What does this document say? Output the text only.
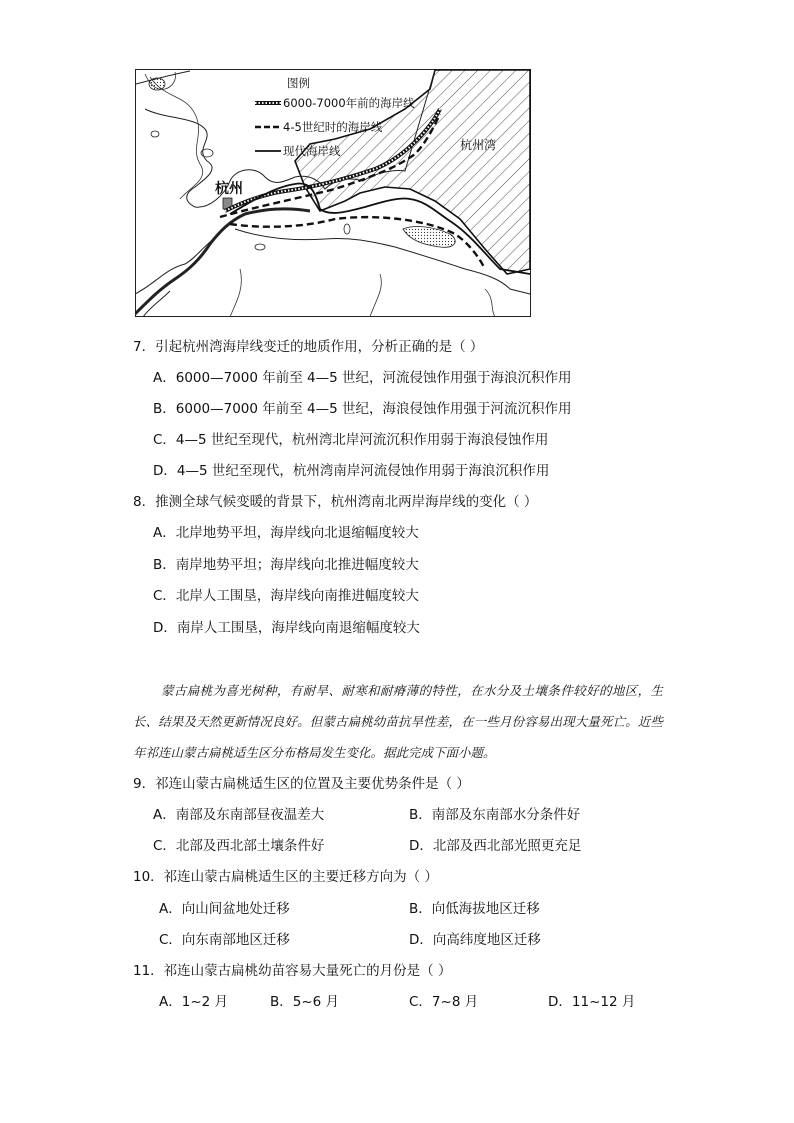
图例
6000-7000年前的海岸线
4-5世纪时的海岸线
现代海岸线
杭州
杭州湾
7．引起杭州湾海岸线变迁的地质作用，分析正确的是（ ）
A．6000—7000 年前至 4—5 世纪，河流侵蚀作用强于海浪沉积作用
B．6000—7000 年前至 4—5 世纪，海浪侵蚀作用强于河流沉积作用
C．4—5 世纪至现代，杭州湾北岸河流沉积作用弱于海浪侵蚀作用
D．4—5 世纪至现代，杭州湾南岸河流侵蚀作用弱于海浪沉积作用
8．推测全球气候变暖的背景下，杭州湾南北两岸海岸线的变化（ ）
A．北岸地势平坦，海岸线向北退缩幅度较大
B．南岸地势平坦；海岸线向北推进幅度较大
C．北岸人工围垦，海岸线向南推进幅度较大
D．南岸人工围垦，海岸线向南退缩幅度较大

蒙古扁桃为喜光树种，有耐旱、耐寒和耐瘠薄的特性，在水分及土壤条件较好的地区，生长、结果及天然更新情况良好。但蒙古扁桃幼苗抗旱性差，在一些月份容易出现大量死亡。近些年祁连山蒙古扁桃适生区分布格局发生变化。据此完成下面小题。

9．祁连山蒙古扁桃适生区的位置及主要优势条件是（ ）
A．南部及东南部昼夜温差大	B．南部及东南部水分条件好
C．北部及西北部土壤条件好	D．北部及西北部光照更充足
10．祁连山蒙古扁桃适生区的主要迁移方向为（ ）
A．向山间盆地处迁移	B．向低海拔地区迁移
C．向东南部地区迁移	D．向高纬度地区迁移
11．祁连山蒙古扁桃幼苗容易大量死亡的月份是（ ）
A．1~2 月	B．5~6 月	C．7~8 月	D．11~12 月
